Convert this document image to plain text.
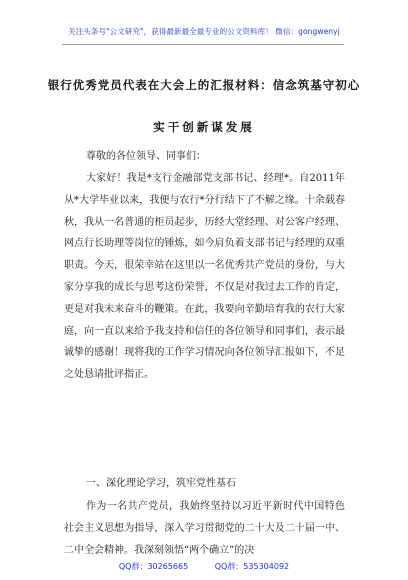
关注头条号"公文研究"，获得最新最全最专业的公文资料库！ 微信：gongwenyj
银行优秀党员代表在大会上的汇报材料：信念筑基守初心
实干创新谋发展
尊敬的各位领导、同事们：
大家好！我是*支行金融部党支部书记、经理*。自2011年从*大学毕业以来，我便与农行*分行结下了不解之缘。十余载春秋，我从一名普通的柜员起步，历经大堂经理、对公客户经理、网点行长助理等岗位的锤炼，如今肩负着支部书记与经理的双重职责。今天，很荣幸站在这里以一名优秀共产党员的身份，与大家分享我的成长与思考这份荣誉，不仅是对我过去工作的肯定，更是对我未来奋斗的鞭策。在此，我要向辛勤培育我的农行大家庭，向一直以来给予我支持和信任的各位领导和同事们，表示最诚挚的感谢！现将我的工作学习情况向各位领导汇报如下，不足之处恳请批评指正。
一、深化理论学习，筑牢党性基石
作为一名共产党员，我始终坚持以习近平新时代中国特色社会主义思想为指导，深入学习贯彻党的二十大及二十届一中、二中全会精神。我深刻领悟“两个确立”的决
QQ群：30265665	QQ群：535304092
